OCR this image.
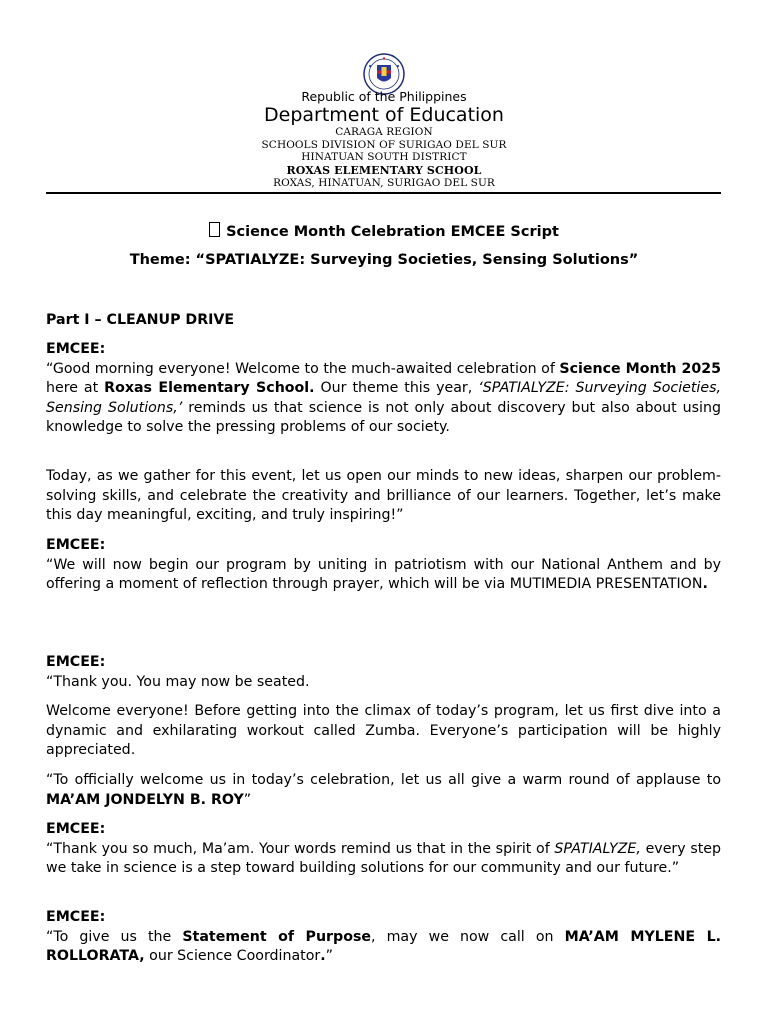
Republic of the Philippines
Department of Education
CARAGA REGION
SCHOOLS DIVISION OF SURIGAO DEL SUR
HINATUAN SOUTH DISTRICT
ROXAS ELEMENTARY SCHOOL
ROXAS, HINATUAN, SURIGAO DEL SUR
Science Month Celebration EMCEE Script
Theme: “SPATIALYZE: Surveying Societies, Sensing Solutions”
Part I – CLEANUP DRIVE
EMCEE:

“Good morning everyone! Welcome to the much-awaited celebration of Science Month 2025 here at Roxas Elementary School. Our theme this year, ‘SPATIALYZE: Surveying Societies, Sensing Solutions,’ reminds us that science is not only about discovery but also about using knowledge to solve the pressing problems of our society.

Today, as we gather for this event, let us open our minds to new ideas, sharpen our problem-solving skills, and celebrate the creativity and brilliance of our learners. Together, let’s make this day meaningful, exciting, and truly inspiring!”

EMCEE:

“We will now begin our program by uniting in patriotism with our National Anthem and by offering a moment of reflection through prayer, which will be via MUTIMEDIA PRESENTATION.

EMCEE:

“Thank you. You may now be seated.

Welcome everyone! Before getting into the climax of today’s program, let us first dive into a dynamic and exhilarating workout called Zumba. Everyone’s participation will be highly appreciated.

“To officially welcome us in today’s celebration, let us all give a warm round of applause to MA’AM JONDELYN B. ROY”

EMCEE:

“Thank you so much, Ma’am. Your words remind us that in the spirit of SPATIALYZE, every step we take in science is a step toward building solutions for our community and our future.”

EMCEE:

“To give us the Statement of Purpose, may we now call on MA’AM MYLENE L. ROLLORATA, our Science Coordinator.”
